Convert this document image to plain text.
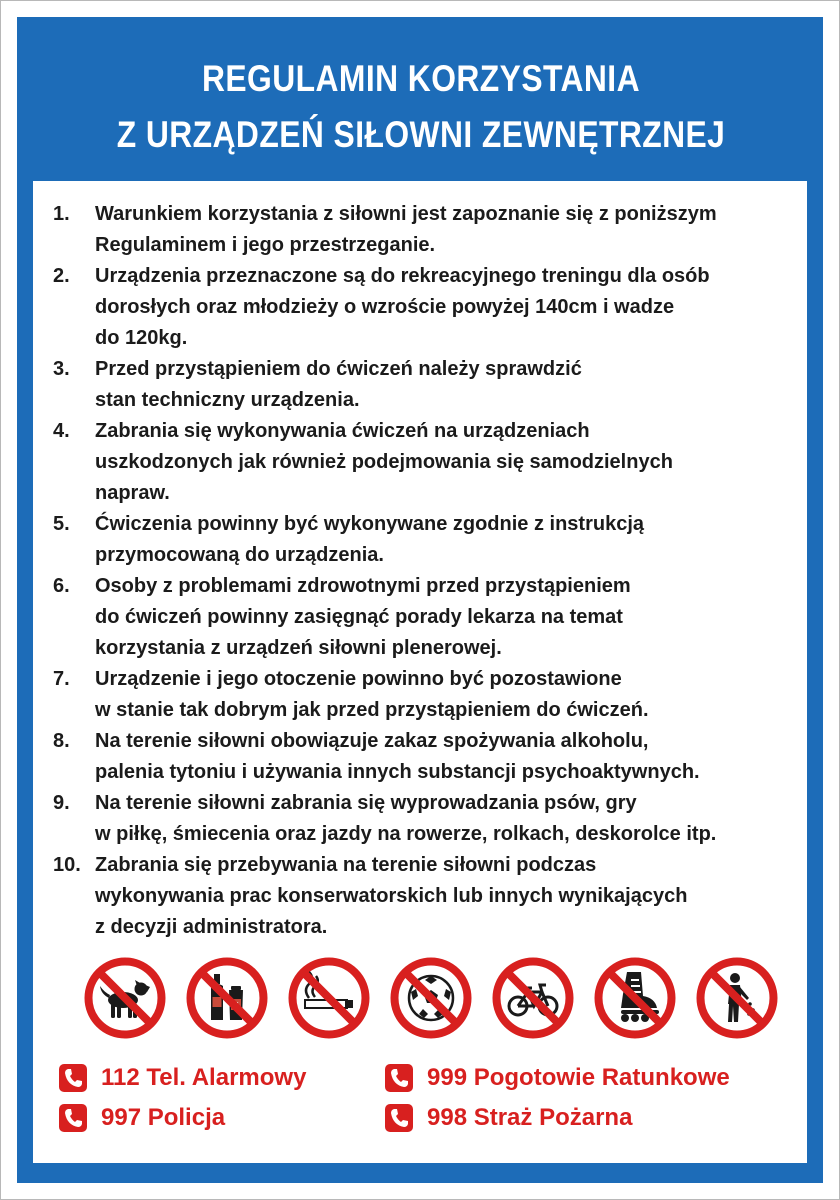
REGULAMIN KORZYSTANIA
Z URZĄDZEŃ SIŁOWNI ZEWNĘTRZNEJ
1. Warunkiem korzystania z siłowni jest zapoznanie się z poniższym
Regulaminem i jego przestrzeganie.
2. Urządzenia przeznaczone są do rekreacyjnego treningu dla osób
dorosłych oraz młodzieży o wzroście powyżej 140cm i wadze
do 120kg.
3. Przed przystąpieniem do ćwiczeń należy sprawdzić
stan techniczny urządzenia.
4. Zabrania się wykonywania ćwiczeń na urządzeniach
uszkodzonych jak również podejmowania się samodzielnych
napraw.
5. Ćwiczenia powinny być wykonywane zgodnie z instrukcją
przymocowaną do urządzenia.
6. Osoby z problemami zdrowotnymi przed przystąpieniem
do ćwiczeń powinny zasięgnąć porady lekarza na temat
korzystania z urządzeń siłowni plenerowej.
7. Urządzenie i jego otoczenie powinno być pozostawione
w stanie tak dobrym jak przed przystąpieniem do ćwiczeń.
8. Na terenie siłowni obowiązuje zakaz spożywania alkoholu,
palenia tytoniu i używania innych substancji psychoaktywnych.
9. Na terenie siłowni zabrania się wyprowadzania psów, gry
w piłkę, śmiecenia oraz jazdy na rowerze, rolkach, deskorolce itp.
10. Zabrania się przebywania na terenie siłowni podczas
wykonywania prac konserwatorskich lub innych wynikających
z decyzji administratora.
112 Tel. Alarmowy	999 Pogotowie Ratunkowe
997 Policja	998 Straż Pożarna
